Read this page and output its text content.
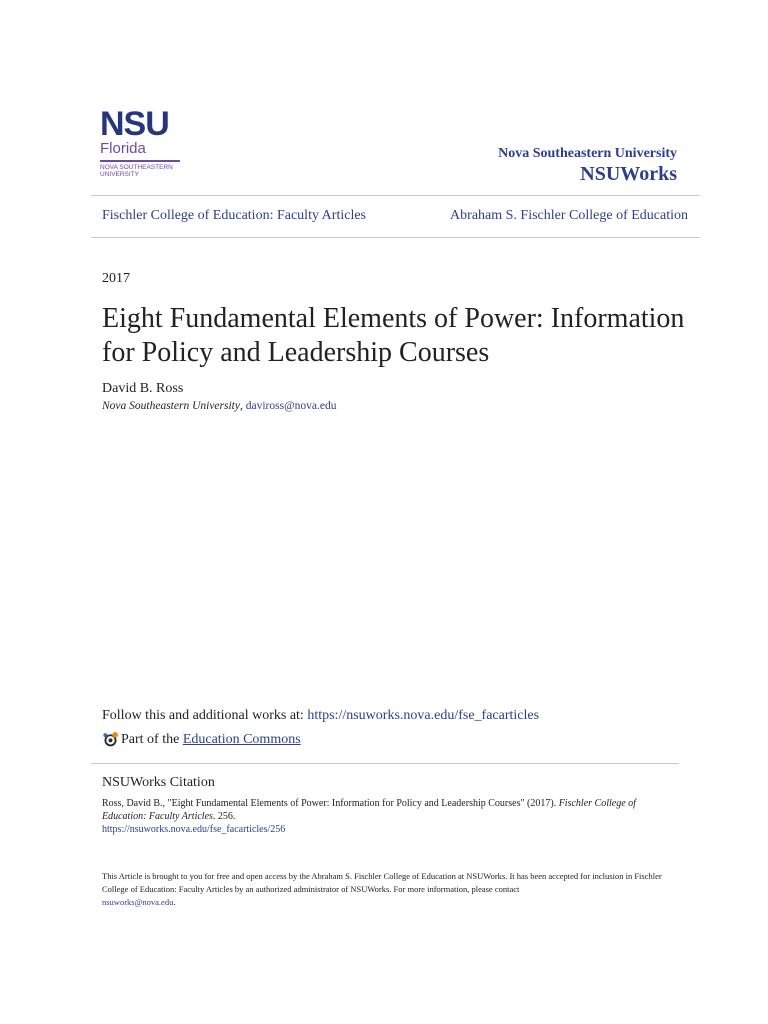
NSU
Florida
NOVA SOUTHEASTERN
UNIVERSITY
Nova Southeastern University
NSUWorks
Fischler College of Education: Faculty Articles	Abraham S. Fischler College of Education
2017
Eight Fundamental Elements of Power: Information for Policy and Leadership Courses
David B. Ross
Nova Southeastern University, daviross@nova.edu
Follow this and additional works at: https://nsuworks.nova.edu/fse_facarticles
Part of the
Education Commons
NSUWorks Citation
Ross, David B., "Eight Fundamental Elements of Power: Information for Policy and Leadership Courses" (2017). Fischler College of Education: Faculty Articles. 256.
https://nsuworks.nova.edu/fse_facarticles/256
This Article is brought to you for free and open access by the Abraham S. Fischler College of Education at NSUWorks. It has been accepted for inclusion in Fischler College of Education: Faculty Articles by an authorized administrator of NSUWorks. For more information, please contact
nsuworks@nova.edu.
